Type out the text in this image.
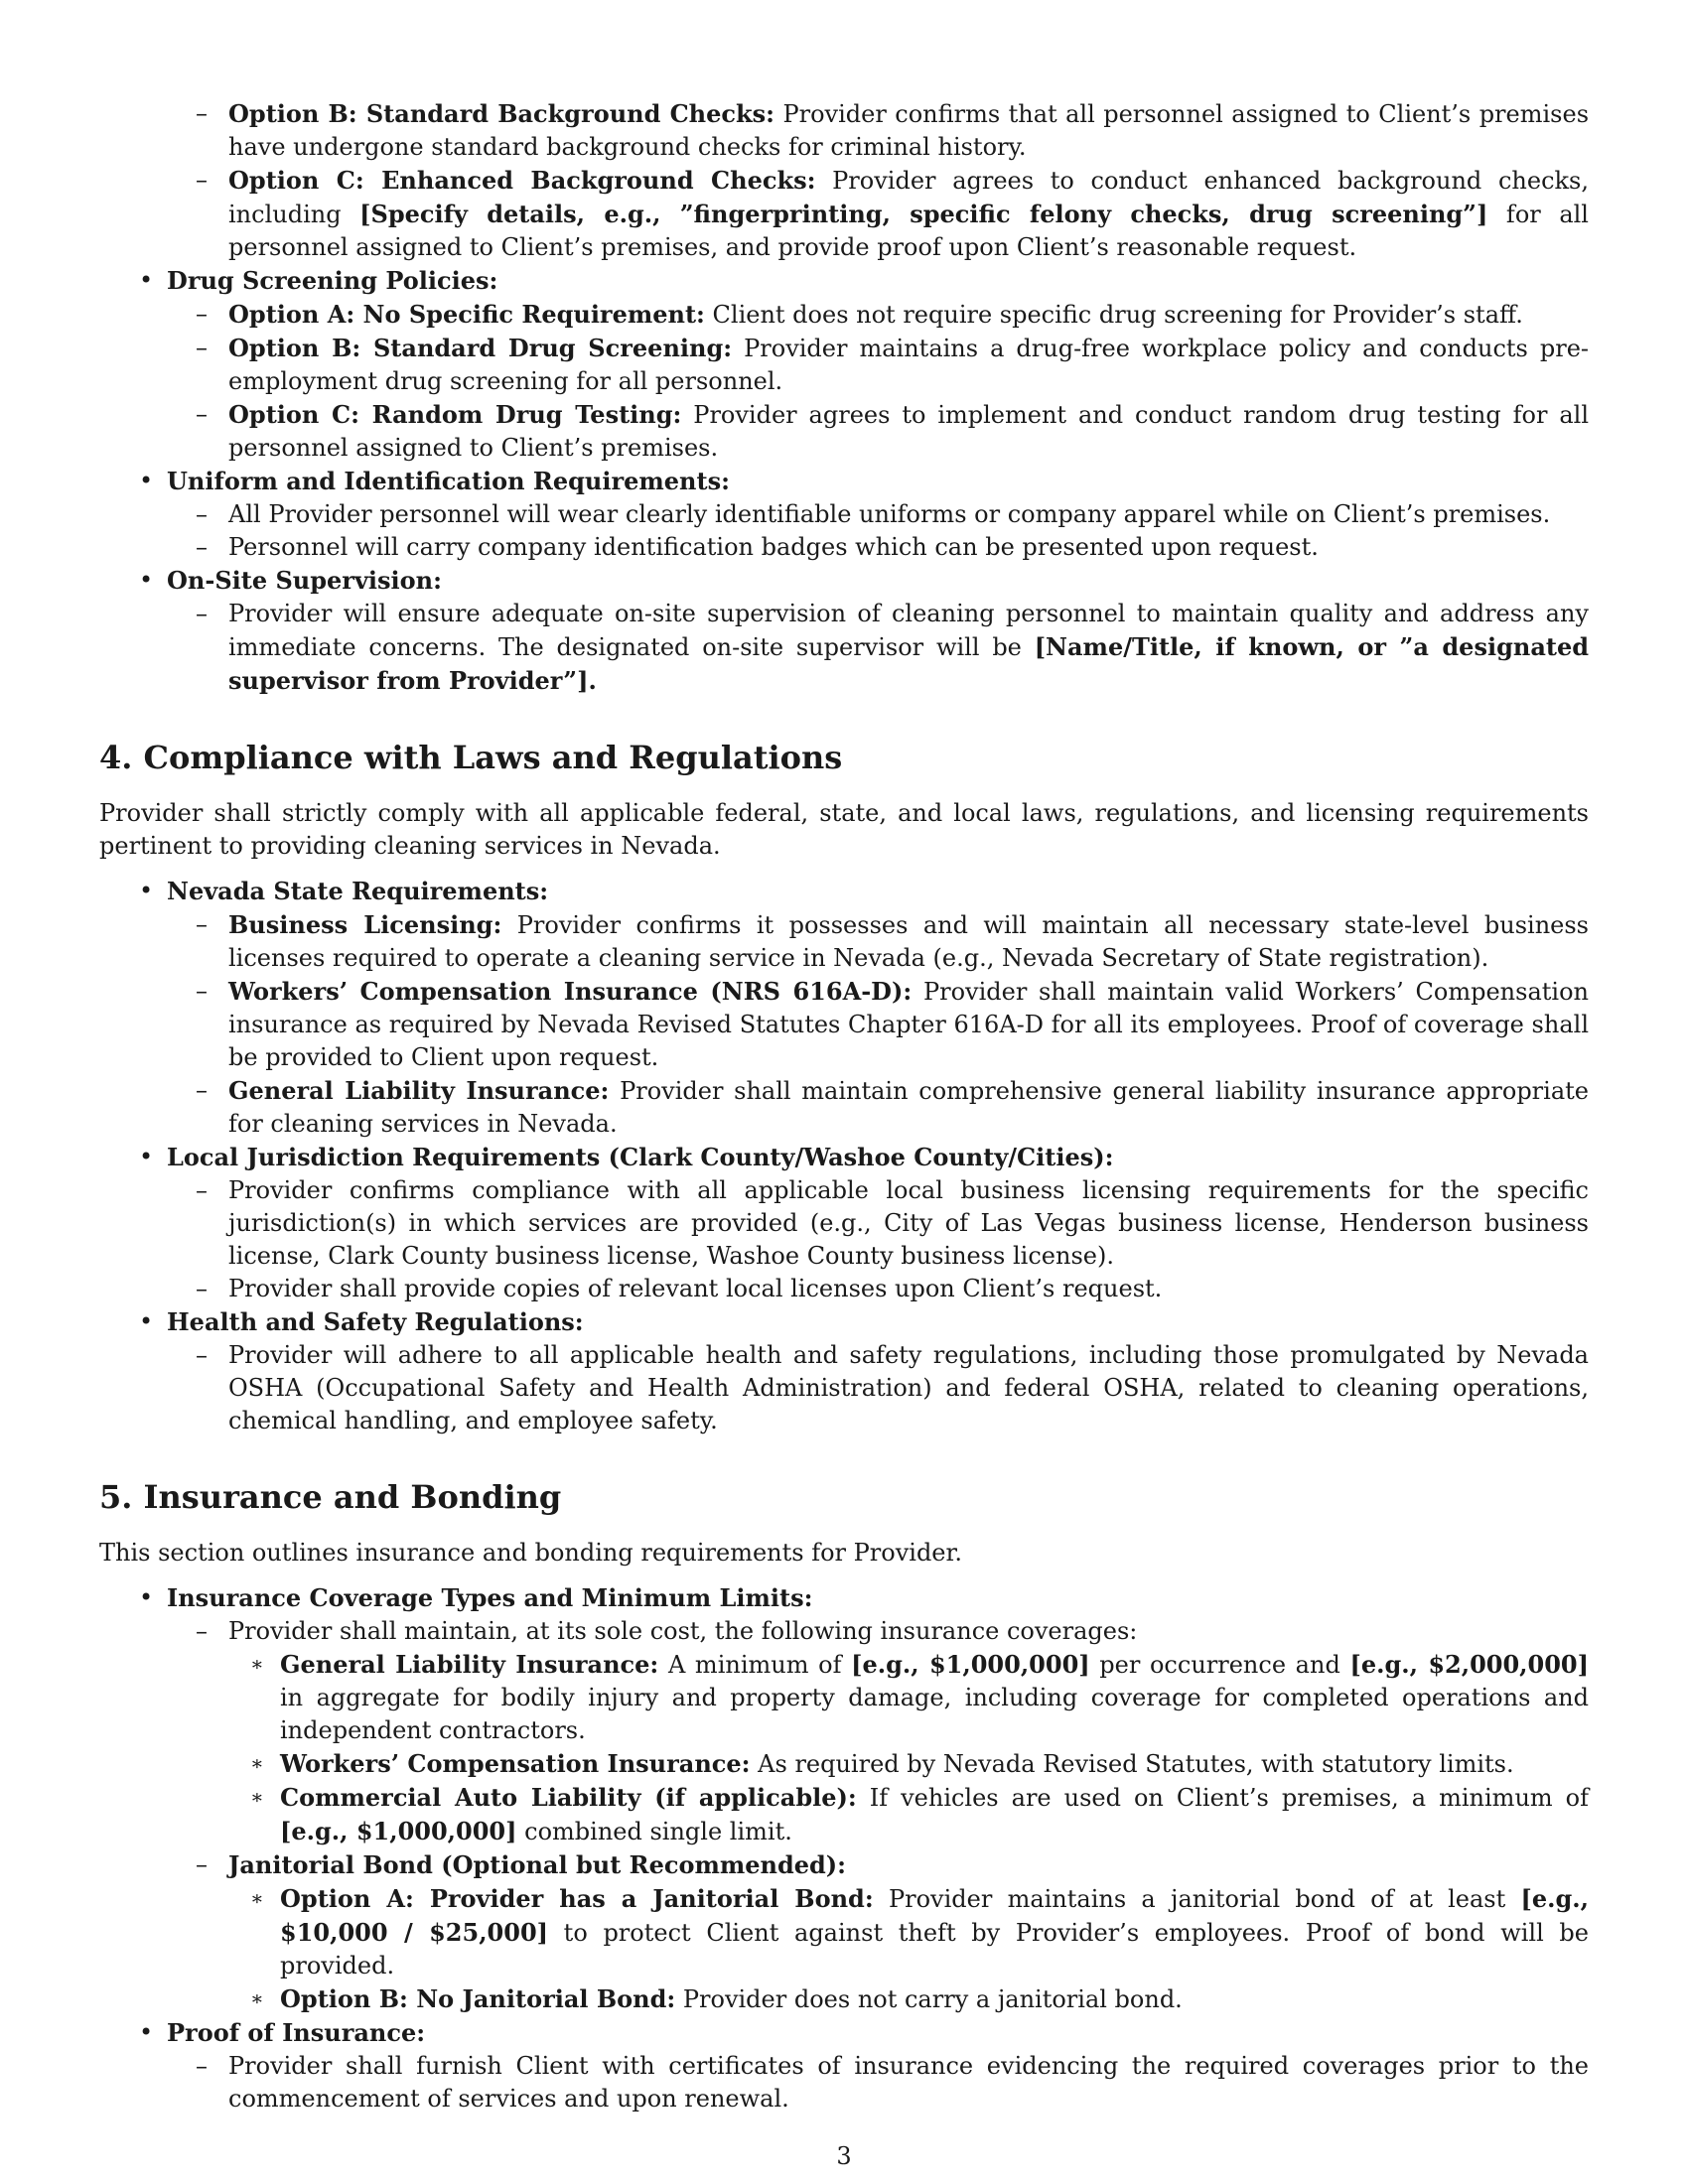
– Option B: Standard Background Checks: Provider confirms that all personnel assigned to Client’s premises have undergone standard background checks for criminal history.
– Option C: Enhanced Background Checks: Provider agrees to conduct enhanced background checks, including [Specify details, e.g., ”fingerprinting, specific felony checks, drug screening”] for all personnel assigned to Client’s premises, and provide proof upon Client’s reasonable request.
• Drug Screening Policies:
– Option A: No Specific Requirement: Client does not require specific drug screening for Provider’s staff.
– Option B: Standard Drug Screening: Provider maintains a drug-free workplace policy and conducts pre-employment drug screening for all personnel.
– Option C: Random Drug Testing: Provider agrees to implement and conduct random drug testing for all personnel assigned to Client’s premises.
• Uniform and Identification Requirements:
– All Provider personnel will wear clearly identifiable uniforms or company apparel while on Client’s premises.
– Personnel will carry company identification badges which can be presented upon request.
• On-Site Supervision:
– Provider will ensure adequate on-site supervision of cleaning personnel to maintain quality and address any immediate concerns. The designated on-site supervisor will be [Name/Title, if known, or ”a designated supervisor from Provider”].
4. Compliance with Laws and Regulations

Provider shall strictly comply with all applicable federal, state, and local laws, regulations, and licensing requirements pertinent to providing cleaning services in Nevada.

• Nevada State Requirements:
– Business Licensing: Provider confirms it possesses and will maintain all necessary state-level business licenses required to operate a cleaning service in Nevada (e.g., Nevada Secretary of State registration).
– Workers’ Compensation Insurance (NRS 616A-D): Provider shall maintain valid Workers’ Compensation insurance as required by Nevada Revised Statutes Chapter 616A-D for all its employees. Proof of coverage shall be provided to Client upon request.
– General Liability Insurance: Provider shall maintain comprehensive general liability insurance appropriate for cleaning services in Nevada.
• Local Jurisdiction Requirements (Clark County/Washoe County/Cities):
– Provider confirms compliance with all applicable local business licensing requirements for the specific jurisdiction(s) in which services are provided (e.g., City of Las Vegas business license, Henderson business license, Clark County business license, Washoe County business license).
– Provider shall provide copies of relevant local licenses upon Client’s request.
• Health and Safety Regulations:
– Provider will adhere to all applicable health and safety regulations, including those promulgated by Nevada OSHA (Occupational Safety and Health Administration) and federal OSHA, related to cleaning operations, chemical handling, and employee safety.
5. Insurance and Bonding

This section outlines insurance and bonding requirements for Provider.

• Insurance Coverage Types and Minimum Limits:
– Provider shall maintain, at its sole cost, the following insurance coverages:
∗ General Liability Insurance: A minimum of [e.g., $1,000,000] per occurrence and [e.g., $2,000,000] in aggregate for bodily injury and property damage, including coverage for completed operations and independent contractors.
∗ Workers’ Compensation Insurance: As required by Nevada Revised Statutes, with statutory limits.
∗ Commercial Auto Liability (if applicable): If vehicles are used on Client’s premises, a minimum of [e.g., $1,000,000] combined single limit.
– Janitorial Bond (Optional but Recommended):
∗ Option A: Provider has a Janitorial Bond: Provider maintains a janitorial bond of at least [e.g., $10,000 / $25,000] to protect Client against theft by Provider’s employees. Proof of bond will be provided.
∗ Option B: No Janitorial Bond: Provider does not carry a janitorial bond.
• Proof of Insurance:
– Provider shall furnish Client with certificates of insurance evidencing the required coverages prior to the commencement of services and upon renewal.
3
